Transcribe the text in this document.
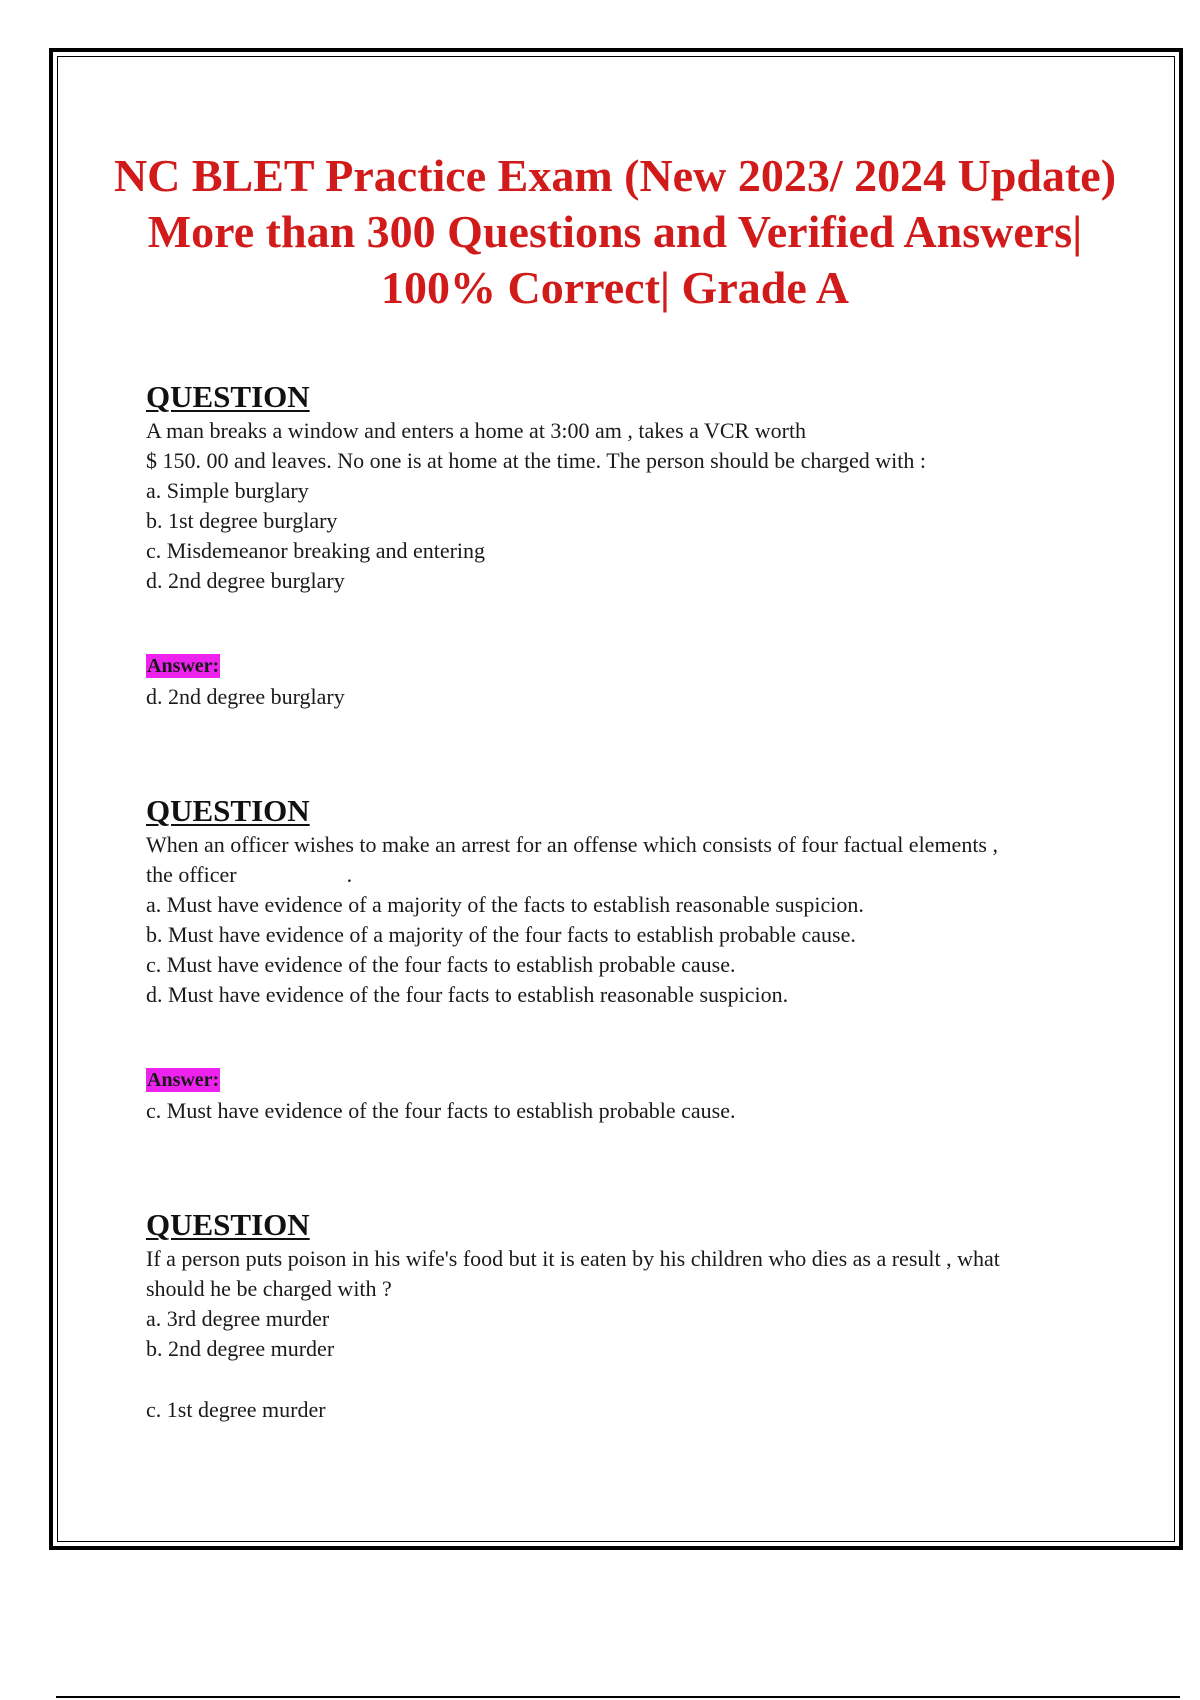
NC BLET Practice Exam (New 2023/ 2024 Update) More than 300 Questions and Verified Answers| 100% Correct| Grade A
QUESTION

A man breaks a window and enters a home at 3:00 am , takes a VCR worth

$ 150. 00 and leaves. No one is at home at the time. The person should be charged with :

a. Simple burglary
b. 1st degree burglary
c. Misdemeanor breaking and entering
d. 2nd degree burglary
Answer:

d. 2nd degree burglary

QUESTION

When an officer wishes to make an arrest for an offense which consists of four factual elements ,

the officer                    .

a. Must have evidence of a majority of the facts to establish reasonable suspicion.
b. Must have evidence of a majority of the four facts to establish probable cause.
c. Must have evidence of the four facts to establish probable cause.
d. Must have evidence of the four facts to establish reasonable suspicion.
Answer:

c. Must have evidence of the four facts to establish probable cause.

QUESTION

If a person puts poison in his wife's food but it is eaten by his children who dies as a result , what

should he be charged with ?

a. 3rd degree murder
b. 2nd degree murder
c. 1st degree murder
